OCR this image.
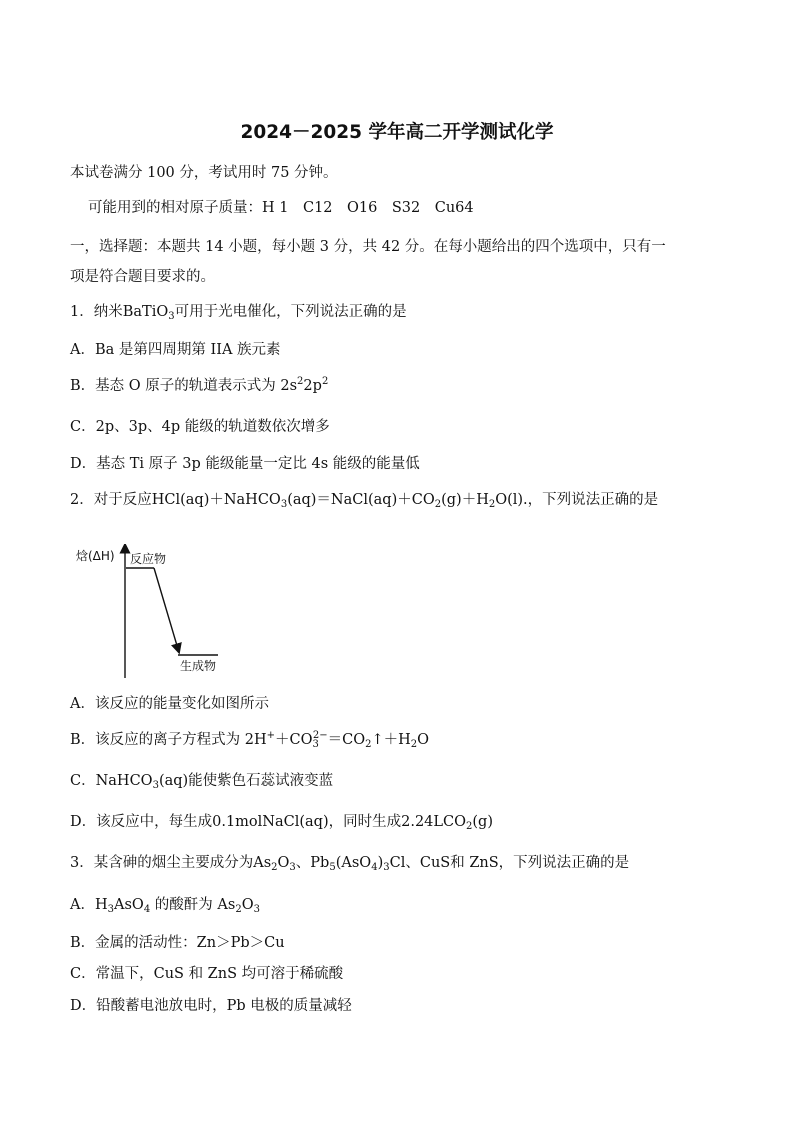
2024－2025 学年高二开学测试化学
本试卷满分 100 分，考试用时 75 分钟。
可能用到的相对原子质量：H 1　C12　O16　S32　Cu64
一，选择题：本题共 14 小题，每小题 3 分，共 42 分。在每小题给出的四个选项中，只有一
项是符合题目要求的。
1．纳米BaTiO$_3$可用于光电催化，下列说法正确的是
A．Ba 是第四周期第 IIA 族元素
B．基态 O 原子的轨道表示式为 $2s^22p^2$
C．2p、3p、4p 能级的轨道数依次增多
D．基态 Ti 原子 3p 能级能量一定比 4s 能级的能量低
2．对于反应$HCl(aq)+NaHCO_3(aq)=NaCl(aq)+CO_2(g)+H_2O(l)$.，下列说法正确的是
焓(ΔH) 反应物
生成物
A．该反应的能量变化如图所示
B．该反应的离子方程式为 $2H^++CO_3^{2-}=CO_2↑+H_2O$
C．NaHCO$_3$(aq)能使紫色石蕊试液变蓝
D．该反应中，每生成0.1molNaCl(aq)，同时生成$2.24LCO_2(g)$
3．某含砷的烟尘主要成分为$As_2O_3$、$Pb_5(AsO_4)_3Cl$、CuS和 ZnS，下列说法正确的是
A．$H_3AsO_4$ 的酸酐为 $As_2O_3$
B．金属的活动性：Zn＞Pb＞Cu
C．常温下，CuS 和 ZnS 均可溶于稀硫酸
D．铅酸蓄电池放电时，Pb 电极的质量减轻
